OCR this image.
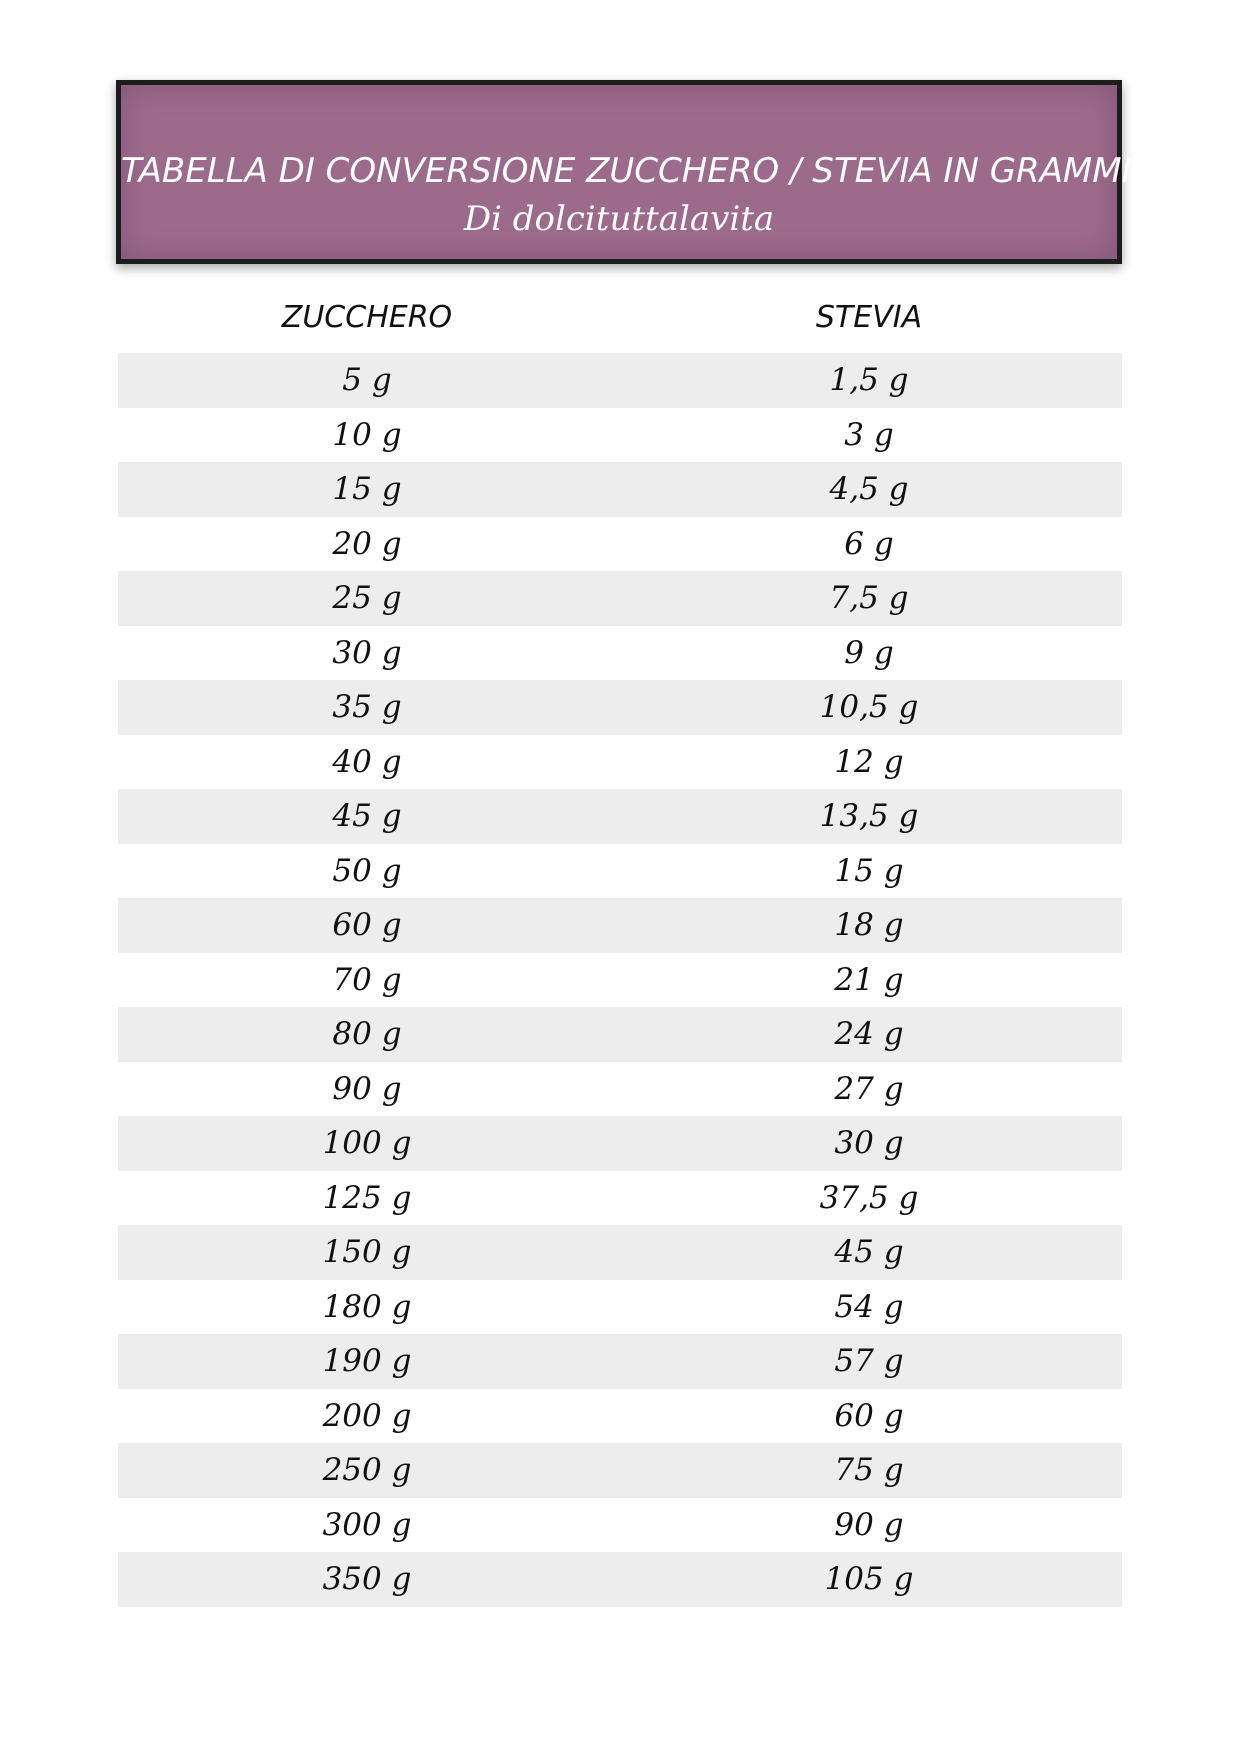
TABELLA DI CONVERSIONE ZUCCHERO / STEVIA IN GRAMMI
Di dolcituttalavita
ZUCCHERO	STEVIA
5 g	1,5 g
10 g	3 g
15 g	4,5 g
20 g	6 g
25 g	7,5 g
30 g	9 g
35 g	10,5 g
40 g	12 g
45 g	13,5 g
50 g	15 g
60 g	18 g
70 g	21 g
80 g	24 g
90 g	27 g
100 g	30 g
125 g	37,5 g
150 g	45 g
180 g	54 g
190 g	57 g
200 g	60 g
250 g	75 g
300 g	90 g
350 g	105 g
